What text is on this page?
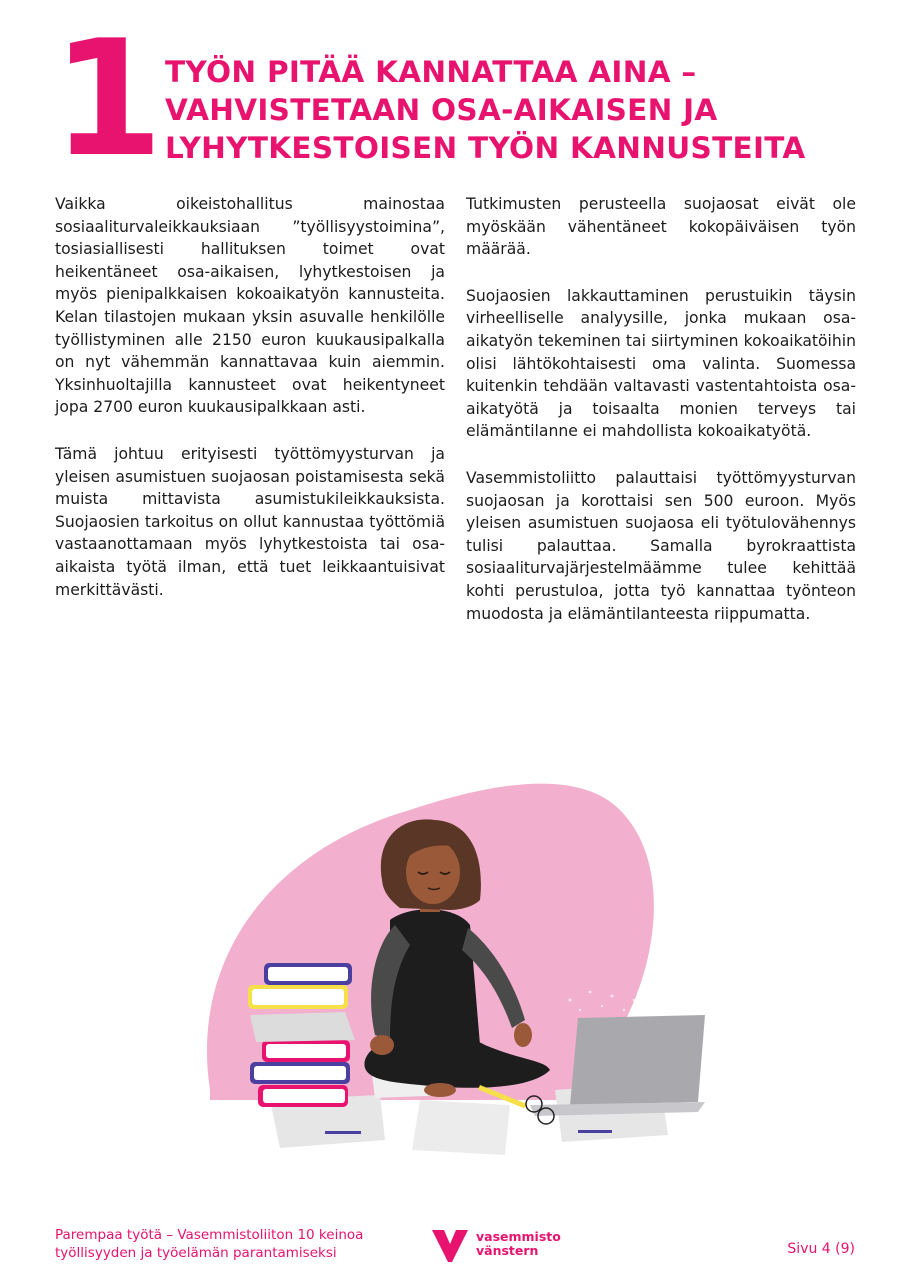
1 TYÖN PITÄÄ KANNATTAA AINA –
VAHVISTETAAN OSA-AIKAISEN JA
LYHYTKESTOISEN TYÖN KANNUSTEITA

Vaikka oikeistohallitus mainostaa sosiaaliturvaleikkauksiaan ”työllisyystoimina”, tosiasiallisesti hallituksen toimet ovat heikentäneet osa-aikaisen, lyhytkestoisen ja myös pienipalkkaisen kokoaikatyön kannusteita. Kelan tilastojen mukaan yksin asuvalle henkilölle työllistyminen alle 2150 euron kuukausipalkalla on nyt vähemmän kannattavaa kuin aiemmin. Yksinhuoltajilla kannusteet ovat heikentyneet jopa 2700 euron kuukausipalkkaan asti.

Tämä johtuu erityisesti työttömyysturvan ja yleisen asumistuen suojaosan poistamisesta sekä muista mittavista asumistukileikkauksista. Suojaosien tarkoitus on ollut kannustaa työttömiä vastaanottamaan myös lyhytkestoista tai osa-aikaista työtä ilman, että tuet leikkaantuisivat merkittävästi.

Tutkimusten perusteella suojaosat eivät ole myöskään vähentäneet kokopäiväisen työn määrää.

Suojaosien lakkauttaminen perustuikin täysin virheelliselle analyysille, jonka mukaan osa-aikatyön tekeminen tai siirtyminen kokoaikatöihin olisi lähtökohtaisesti oma valinta. Suomessa kuitenkin tehdään valtavasti vastentahtoista osa-aikatyötä ja toisaalta monien terveys tai elämäntilanne ei mahdollista kokoaikatyötä.

Vasemmistoliitto palauttaisi työttömyysturvan suojaosan ja korottaisi sen 500 euroon. Myös yleisen asumistuen suojaosa eli työtulovähennys tulisi palauttaa. Samalla byrokraattista sosiaaliturvajärjestelmäämme tulee kehittää kohti perustuloa, jotta työ kannattaa työnteon muodosta ja elämäntilanteesta riippumatta.

Parempaa työtä – Vasemmistoliiton 10 keinoa
työllisyyden ja työelämän parantamiseksi
vasemmisto
vänstern	Sivu 4 (9)
